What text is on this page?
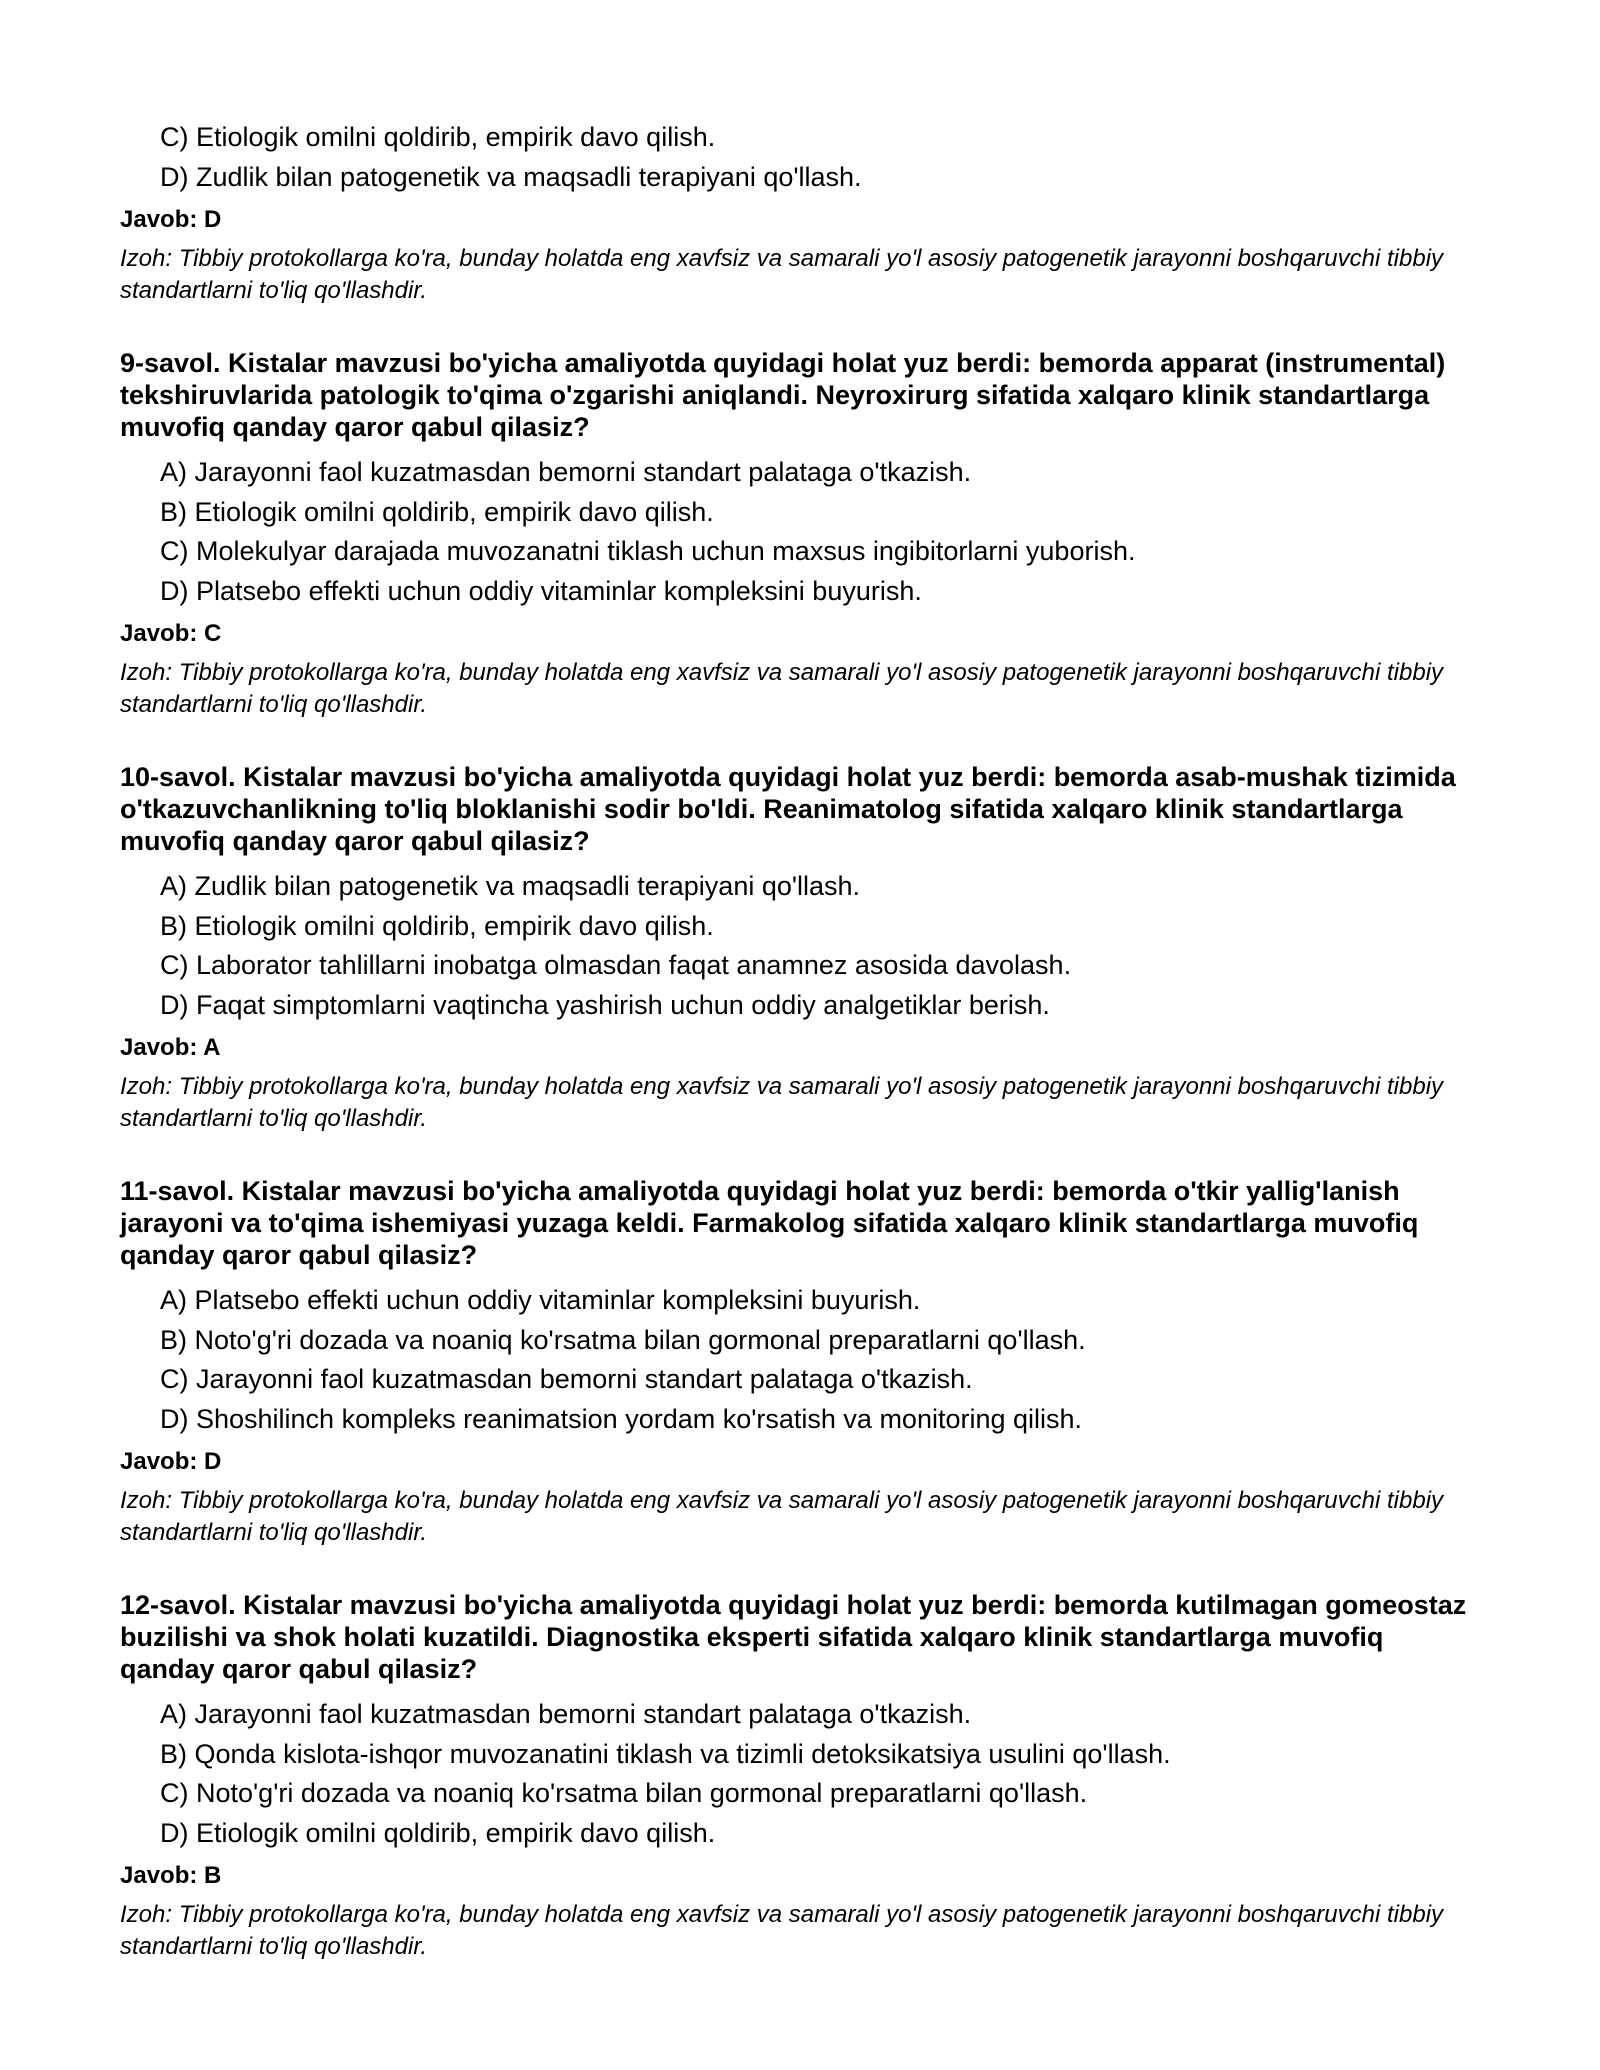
C) Etiologik omilni qoldirib, empirik davo qilish.

D) Zudlik bilan patogenetik va maqsadli terapiyani qo'llash.

Javob: D

Izoh: Tibbiy protokollarga ko'ra, bunday holatda eng xavfsiz va samarali yo'l asosiy patogenetik jarayonni boshqaruvchi tibbiy standartlarni to'liq qo'llashdir.

9-savol. Kistalar mavzusi bo'yicha amaliyotda quyidagi holat yuz berdi: bemorda apparat (instrumental) tekshiruvlarida patologik to'qima o'zgarishi aniqlandi. Neyroxirurg sifatida xalqaro klinik standartlarga muvofiq qanday qaror qabul qilasiz?

A) Jarayonni faol kuzatmasdan bemorni standart palataga o'tkazish.

B) Etiologik omilni qoldirib, empirik davo qilish.

C) Molekulyar darajada muvozanatni tiklash uchun maxsus ingibitorlarni yuborish.

D) Platsebo effekti uchun oddiy vitaminlar kompleksini buyurish.

Javob: C

Izoh: Tibbiy protokollarga ko'ra, bunday holatda eng xavfsiz va samarali yo'l asosiy patogenetik jarayonni boshqaruvchi tibbiy standartlarni to'liq qo'llashdir.

10-savol. Kistalar mavzusi bo'yicha amaliyotda quyidagi holat yuz berdi: bemorda asab-mushak tizimida o'tkazuvchanlikning to'liq bloklanishi sodir bo'ldi. Reanimatolog sifatida xalqaro klinik standartlarga muvofiq qanday qaror qabul qilasiz?

A) Zudlik bilan patogenetik va maqsadli terapiyani qo'llash.

B) Etiologik omilni qoldirib, empirik davo qilish.

C) Laborator tahlillarni inobatga olmasdan faqat anamnez asosida davolash.

D) Faqat simptomlarni vaqtincha yashirish uchun oddiy analgetiklar berish.

Javob: A

Izoh: Tibbiy protokollarga ko'ra, bunday holatda eng xavfsiz va samarali yo'l asosiy patogenetik jarayonni boshqaruvchi tibbiy standartlarni to'liq qo'llashdir.

11-savol. Kistalar mavzusi bo'yicha amaliyotda quyidagi holat yuz berdi: bemorda o'tkir yallig'lanish jarayoni va to'qima ishemiyasi yuzaga keldi. Farmakolog sifatida xalqaro klinik standartlarga muvofiq qanday qaror qabul qilasiz?

A) Platsebo effekti uchun oddiy vitaminlar kompleksini buyurish.

B) Noto'g'ri dozada va noaniq ko'rsatma bilan gormonal preparatlarni qo'llash.

C) Jarayonni faol kuzatmasdan bemorni standart palataga o'tkazish.

D) Shoshilinch kompleks reanimatsion yordam ko'rsatish va monitoring qilish.

Javob: D

Izoh: Tibbiy protokollarga ko'ra, bunday holatda eng xavfsiz va samarali yo'l asosiy patogenetik jarayonni boshqaruvchi tibbiy standartlarni to'liq qo'llashdir.

12-savol. Kistalar mavzusi bo'yicha amaliyotda quyidagi holat yuz berdi: bemorda kutilmagan gomeostaz buzilishi va shok holati kuzatildi. Diagnostika eksperti sifatida xalqaro klinik standartlarga muvofiq qanday qaror qabul qilasiz?

A) Jarayonni faol kuzatmasdan bemorni standart palataga o'tkazish.

B) Qonda kislota-ishqor muvozanatini tiklash va tizimli detoksikatsiya usulini qo'llash.

C) Noto'g'ri dozada va noaniq ko'rsatma bilan gormonal preparatlarni qo'llash.

D) Etiologik omilni qoldirib, empirik davo qilish.

Javob: B

Izoh: Tibbiy protokollarga ko'ra, bunday holatda eng xavfsiz va samarali yo'l asosiy patogenetik jarayonni boshqaruvchi tibbiy standartlarni to'liq qo'llashdir.
